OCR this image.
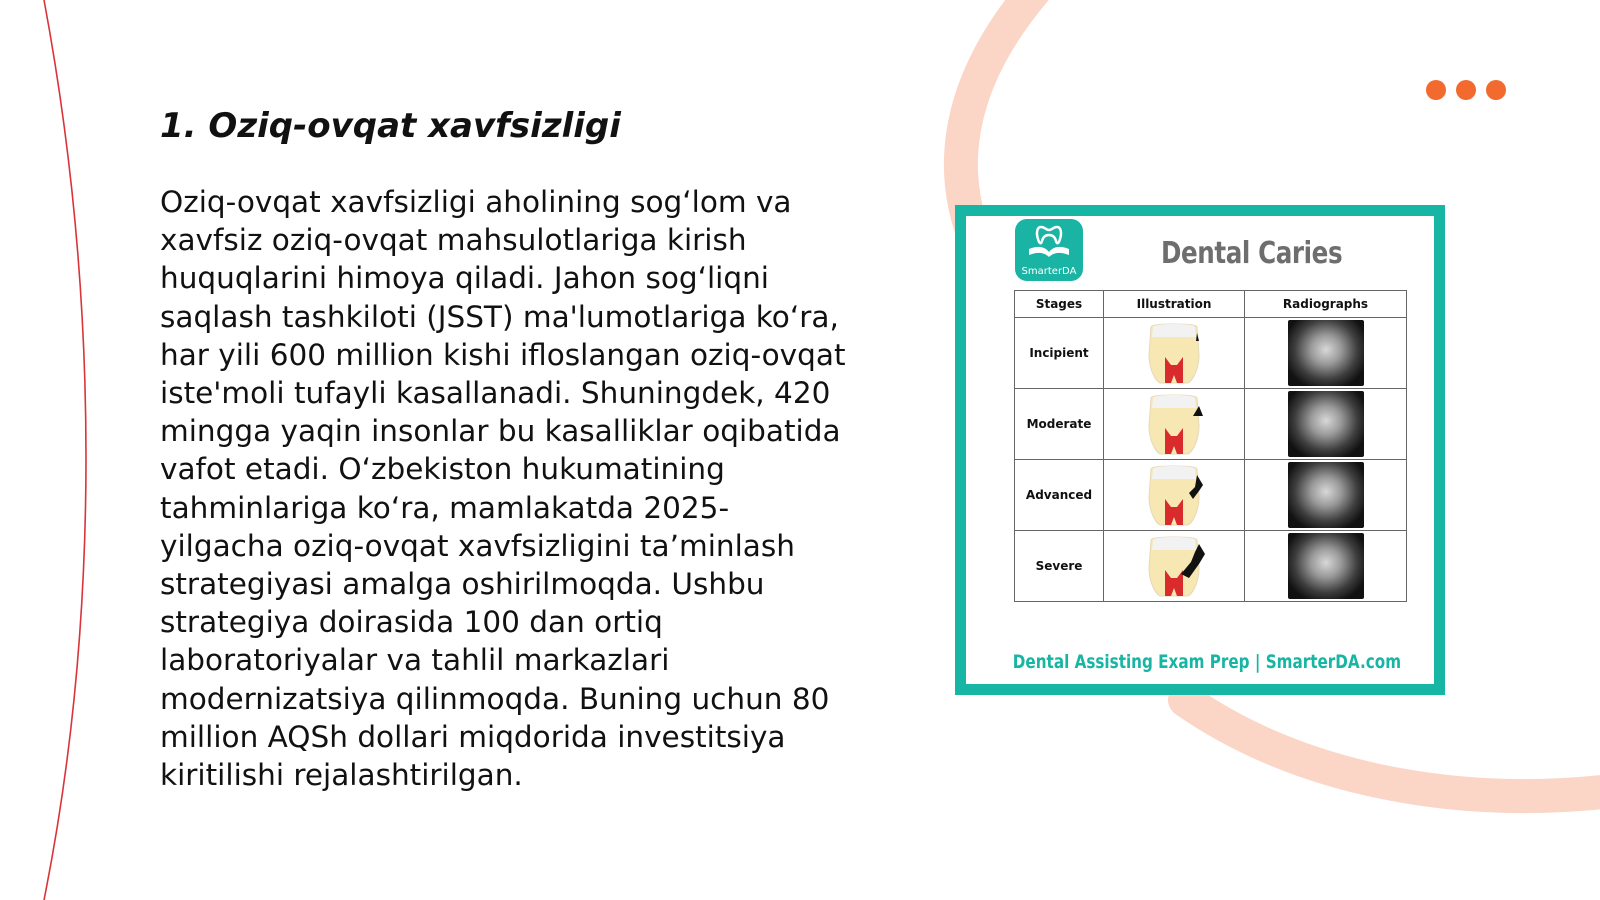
1. Oziq-ovqat xavfsizligi

Oziq-ovqat xavfsizligi aholining sog‘lom va xavfsiz oziq-ovqat mahsulotlariga kirish huquqlarini himoya qiladi. Jahon sog‘liqni saqlash tashkiloti (JSST) ma'lumotlariga ko‘ra, har yili 600 million kishi ifloslangan oziq-ovqat iste'moli tufayli kasallanadi. Shuningdek, 420 mingga yaqin insonlar bu kasalliklar oqibatida vafot etadi. O‘zbekiston hukumatining tahminlariga ko‘ra, mamlakatda 2025-yilgacha oziq-ovqat xavfsizligini ta’minlash strategiyasi amalga oshirilmoqda. Ushbu strategiya doirasida 100 dan ortiq laboratoriyalar va tahlil markazlari modernizatsiya qilinmoqda. Buning uchun 80 million AQSh dollari miqdorida investitsiya kiritilishi rejalashtirilgan.

SmarterDA
Dental Caries
Stages	Illustration	Radiographs
Incipient	

Moderate	

Advanced	

Severe	

Dental Assisting Exam Prep | SmarterDA.com
